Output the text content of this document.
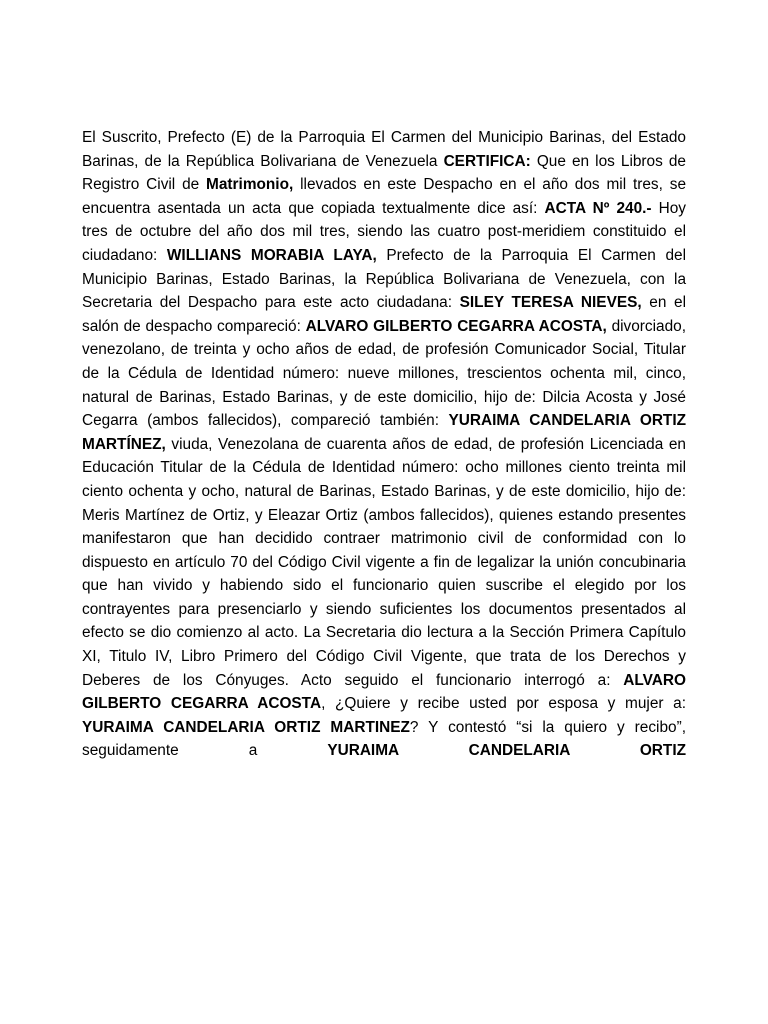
El Suscrito, Prefecto (E) de la Parroquia El Carmen del Municipio Barinas, del Estado Barinas, de la República Bolivariana de Venezuela CERTIFICA: Que en los Libros de Registro Civil de Matrimonio, llevados en este Despacho en el año dos mil tres, se encuentra asentada un acta que copiada textualmente dice así: ACTA Nº 240.- Hoy tres de octubre del año dos mil tres, siendo las cuatro post-meridiem constituido el ciudadano: WILLIANS MORABIA LAYA, Prefecto de la Parroquia El Carmen del Municipio Barinas, Estado Barinas, la República Bolivariana de Venezuela, con la Secretaria del Despacho para este acto ciudadana: SILEY TERESA NIEVES, en el salón de despacho compareció: ALVARO GILBERTO CEGARRA ACOSTA, divorciado, venezolano, de treinta y ocho años de edad, de profesión Comunicador Social, Titular de la Cédula de Identidad número: nueve millones, trescientos ochenta mil, cinco, natural de Barinas, Estado Barinas, y de este domicilio, hijo de: Dilcia Acosta y José Cegarra (ambos fallecidos), compareció también: YURAIMA CANDELARIA ORTIZ MARTÍNEZ, viuda, Venezolana de cuarenta años de edad, de profesión Licenciada en Educación Titular de la Cédula de Identidad número: ocho millones ciento treinta mil ciento ochenta y ocho, natural de Barinas, Estado Barinas, y de este domicilio, hijo de: Meris Martínez de Ortiz, y Eleazar Ortiz (ambos fallecidos), quienes estando presentes manifestaron que han decidido contraer matrimonio civil de conformidad con lo dispuesto en artículo 70 del Código Civil vigente a fin de legalizar la unión concubinaria que han vivido y habiendo sido el funcionario quien suscribe el elegido por los contrayentes para presenciarlo y siendo suficientes los documentos presentados al efecto se dio comienzo al acto. La Secretaria dio lectura a la Sección Primera Capítulo XI, Titulo IV, Libro Primero del Código Civil Vigente, que trata de los Derechos y Deberes de los Cónyuges. Acto seguido el funcionario interrogó a: ALVARO GILBERTO CEGARRA ACOSTA, ¿Quiere y recibe usted por esposa y mujer a: YURAIMA CANDELARIA ORTIZ MARTINEZ? Y contestó “si la quiero y recibo”, seguidamente a YURAIMA CANDELARIA ORTIZ
